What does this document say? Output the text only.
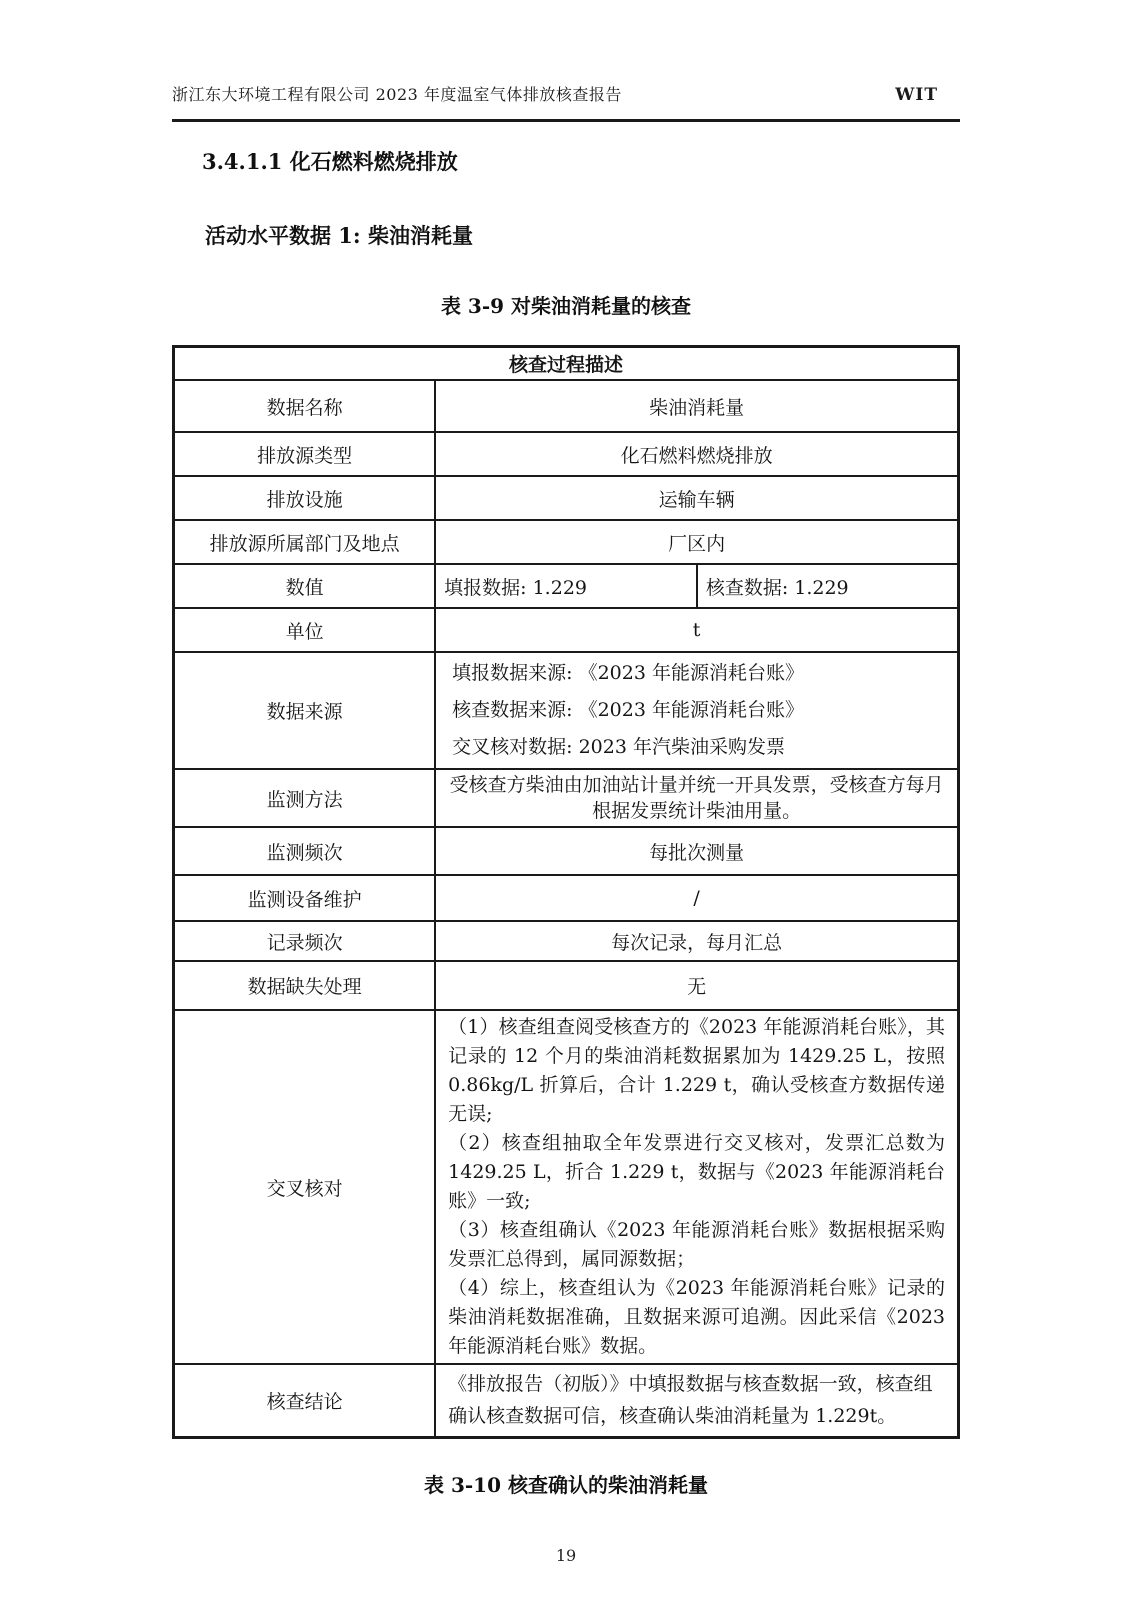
浙江东大环境工程有限公司 2023 年度温室气体排放核查报告	WIT
3.4.1.1 化石燃料燃烧排放
活动水平数据 1: 柴油消耗量
表 3-9 对柴油消耗量的核查
核查过程描述		
数据名称	柴油消耗量	
排放源类型	化石燃料燃烧排放	
排放设施	运输车辆	
排放源所属部门及地点	厂区内	
数值	填报数据: 1.229	核查数据: 1.229
单位	t	
数据来源	填报数据来源: 《2023 年能源消耗台账》
核查数据来源: 《2023 年能源消耗台账》
交叉核对数据: 2023 年汽柴油采购发票	

监测方法	受核查方柴油由加油站计量并统一开具发票，受核查方每月根据发票统计柴油用量。	

监测频次	每批次测量	
监测设备维护	/	
记录频次	每次记录，每月汇总	
数据缺失处理	无	
交叉核对	（1）核查组查阅受核查方的《2023 年能源消耗台账》，其记录的 12 个月的柴油消耗数据累加为 1429.25 L，按照 0.86kg/L 折算后，合计 1.229 t，确认受核查方数据传递无误;
（2）核查组抽取全年发票进行交叉核对，发票汇总数为 1429.25 L，折合 1.229 t，数据与《2023 年能源消耗台账》一致;
（3）核查组确认《2023 年能源消耗台账》数据根据采购发票汇总得到，属同源数据；
（4）综上，核查组认为《2023 年能源消耗台账》记录的柴油消耗数据准确，且数据来源可追溯。因此采信《2023 年能源消耗台账》数据。	

核查结论	《排放报告（初版）》中填报数据与核查数据一致，核查组确认核查数据可信，核查确认柴油消耗量为 1.229t。	
表 3-10 核查确认的柴油消耗量
19
